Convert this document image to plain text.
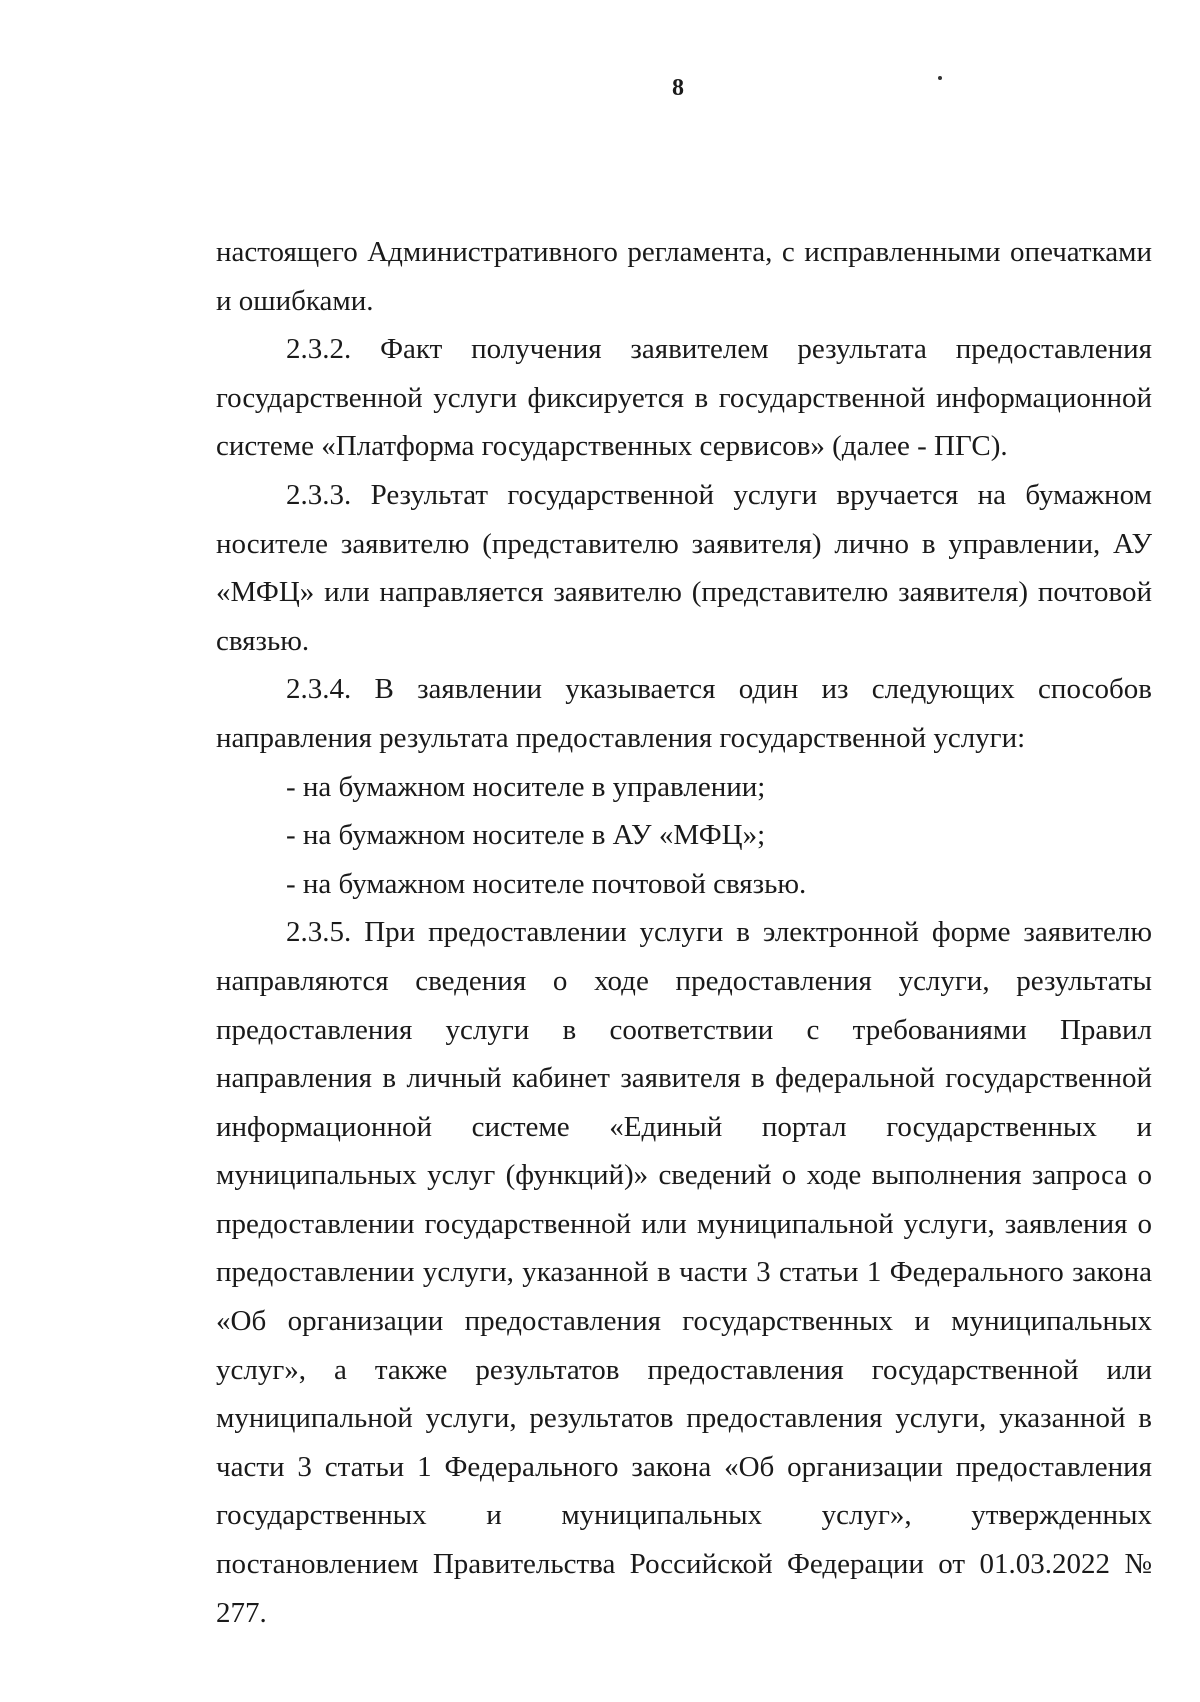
8

настоящего Административного регламента, с исправленными опечатками и ошибками.

2.3.2. Факт получения заявителем результата предоставления государственной услуги фиксируется в государственной информационной системе «Платформа государственных сервисов» (далее - ПГС).

2.3.3. Результат государственной услуги вручается на бумажном носителе заявителю (представителю заявителя) лично в управлении, АУ «МФЦ» или направляется заявителю (представителю заявителя) почтовой связью.

2.3.4. В заявлении указывается один из следующих способов направления результата предоставления государственной услуги:

- на бумажном носителе в управлении;

- на бумажном носителе в АУ «МФЦ»;

- на бумажном носителе почтовой связью.

2.3.5. При предоставлении услуги в электронной форме заявителю направляются сведения о ходе предоставления услуги, результаты предоставления услуги в соответствии с требованиями Правил направления в личный кабинет заявителя в федеральной государственной информационной системе «Единый портал государственных и муниципальных услуг (функций)» сведений о ходе выполнения запроса о предоставлении государственной или муниципальной услуги, заявления о предоставлении услуги, указанной в части 3 статьи 1 Федерального закона «Об организации предоставления государственных и муниципальных услуг», а также результатов предоставления государственной или муниципальной услуги, результатов предоставления услуги, указанной в части 3 статьи 1 Федерального закона «Об организации предоставления государственных и муниципальных услуг», утвержденных постановлением Правительства Российской Федерации от 01.03.2022 № 277.
